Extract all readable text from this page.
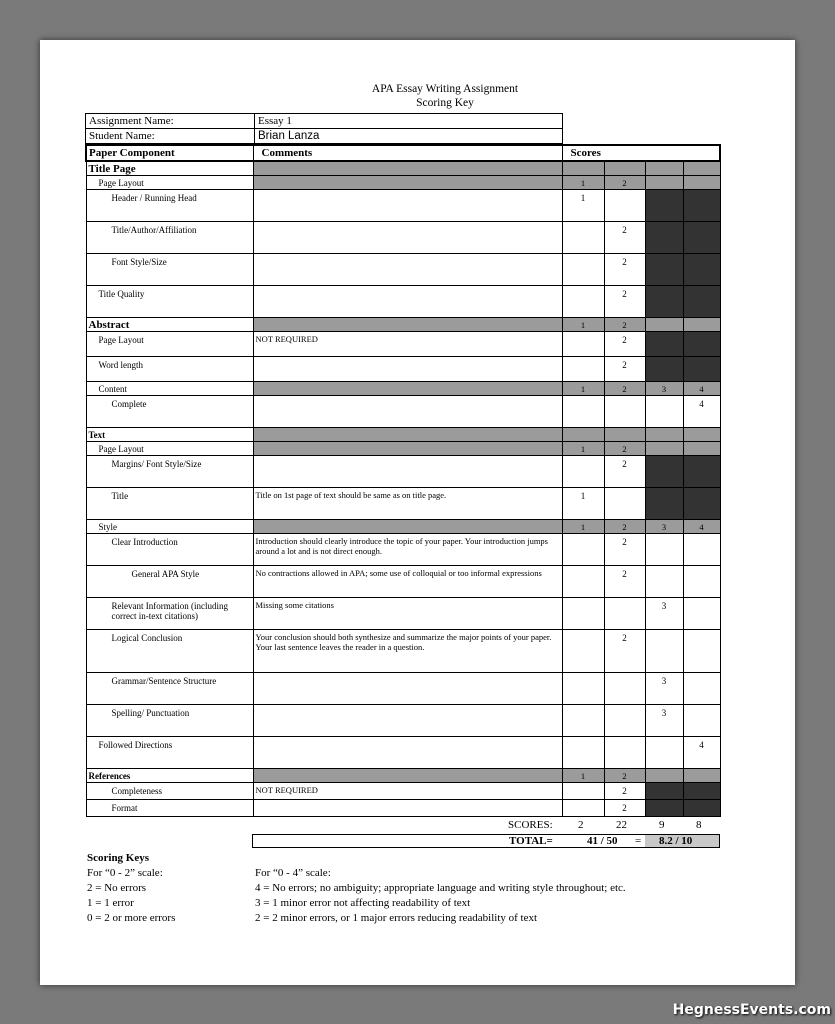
APA Essay Writing Assignment
Scoring Key
Assignment Name:	Essay 1
Student Name:	Brian Lanza
Paper Component	Comments	Scores			
Title Page					
Page Layout		1	2		
Header / Running Head		1			
Title/Author/Affiliation			2		
Font Style/Size			2		
Title Quality			2		
Abstract		1	2		
Page Layout	NOT REQUIRED		2		
Word length			2		
Content		1	2	3	4
Complete					4
Text					
Page Layout		1	2		
Margins/ Font Style/Size			2		
Title	Title on 1st page of text should be same as on title page.	1			
Style		1	2	3	4
Clear Introduction	Introduction should clearly introduce the topic of your paper. Your introduction jumps around a lot and is not direct enough.		2		
General APA Style	No contractions allowed in APA; some use of colloquial or too informal expressions		2		
Relevant Information (including correct in-text citations)	Missing some citations			3	
Logical Conclusion	Your conclusion should both synthesize and summarize the major points of your paper. Your last sentence leaves the reader in a question.		2		
Grammar/Sentence Structure				3	
Spelling/ Punctuation				3	
Followed Directions					4
References		1	2		
Completeness	NOT REQUIRED		2		
Format			2		
SCORES: 2	22	9	8
TOTAL=	41 / 50 = 8.2 / 10
Scoring Keys
For “0 - 2” scale:
2 = No errors
1 = 1 error
0 = 2 or more errors
For “0 - 4” scale:
4 = No errors; no ambiguity; appropriate language and writing style throughout; etc.
3 = 1 minor error not affecting readability of text
2 = 2 minor errors, or 1 major errors reducing readability of text
HegnessEvents.com
